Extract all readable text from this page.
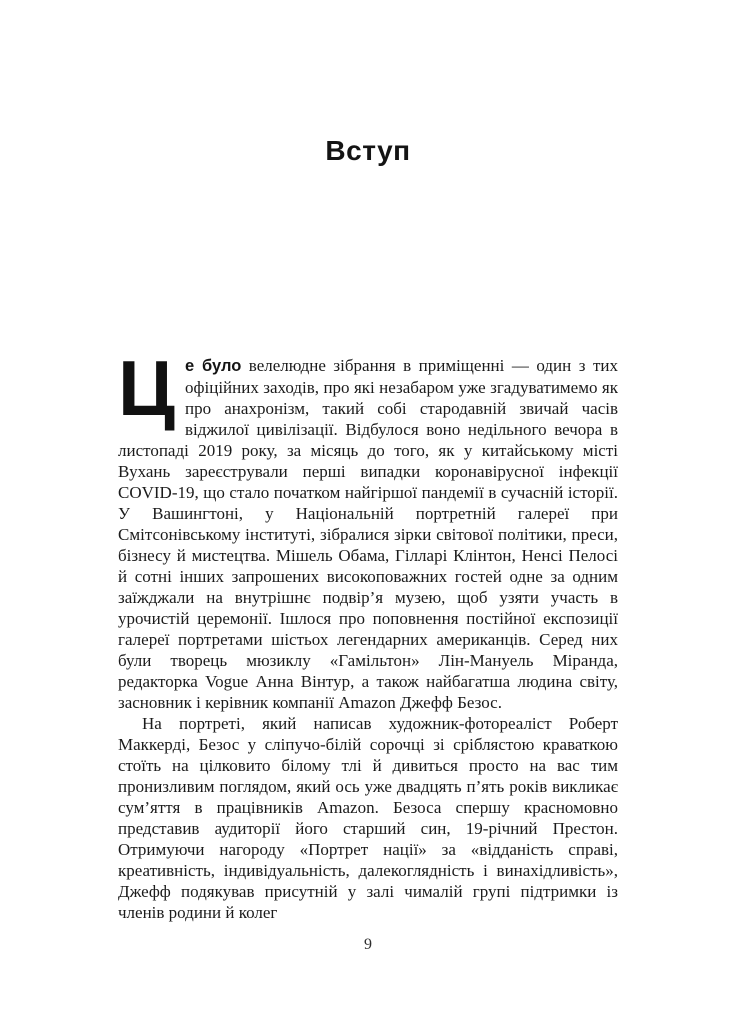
Вступ

Це було велелюдне зібрання в приміщенні — один з тих офіційних заходів, про які незабаром уже згадуватимемо як про анахронізм, такий собі стародавній звичай часів віджилої цивілізації. Відбулося воно недільного вечора в листопаді 2019 року, за місяць до того, як у китайському місті Вухань зареєстрували перші випадки коронавірусної інфекції COVID-19, що стало початком найгіршої пандемії в сучасній історії. У Вашингтоні, у Національній портретній галереї при Смітсонівському інституті, зібралися зірки світової політики, преси, бізнесу й мистецтва. Мішель Обама, Гілларі Клінтон, Ненсі Пелосі й сотні інших запрошених високоповажних гостей одне за одним заїжджали на внутрішнє подвір’я музею, щоб узяти участь в урочистій церемонії. Ішлося про поповнення постійної експозиції галереї портретами шістьох легендарних американців. Серед них були творець мюзиклу «Гамільтон» Лін-Мануель Міранда, редакторка Vogue Анна Вінтур, а також найбагатша людина світу, засновник і керівник компанії Amazon Джефф Безос.

На портреті, який написав художник-фотореаліст Роберт Маккерді, Безос у сліпучо-білій сорочці зі сріблястою краваткою стоїть на цілковито білому тлі й дивиться просто на вас тим пронизливим поглядом, який ось уже двадцять п’ять років викликає сум’яття в працівників Amazon. Безоса спершу красномовно представив аудиторії його старший син, 19-річний Престон. Отримуючи нагороду «Портрет нації» за «відданість справі, креативність, індивідуальність, далекоглядність і винахідливість», Джефф подякував присутній у залі чималій групі підтримки із членів родини й колег

9
